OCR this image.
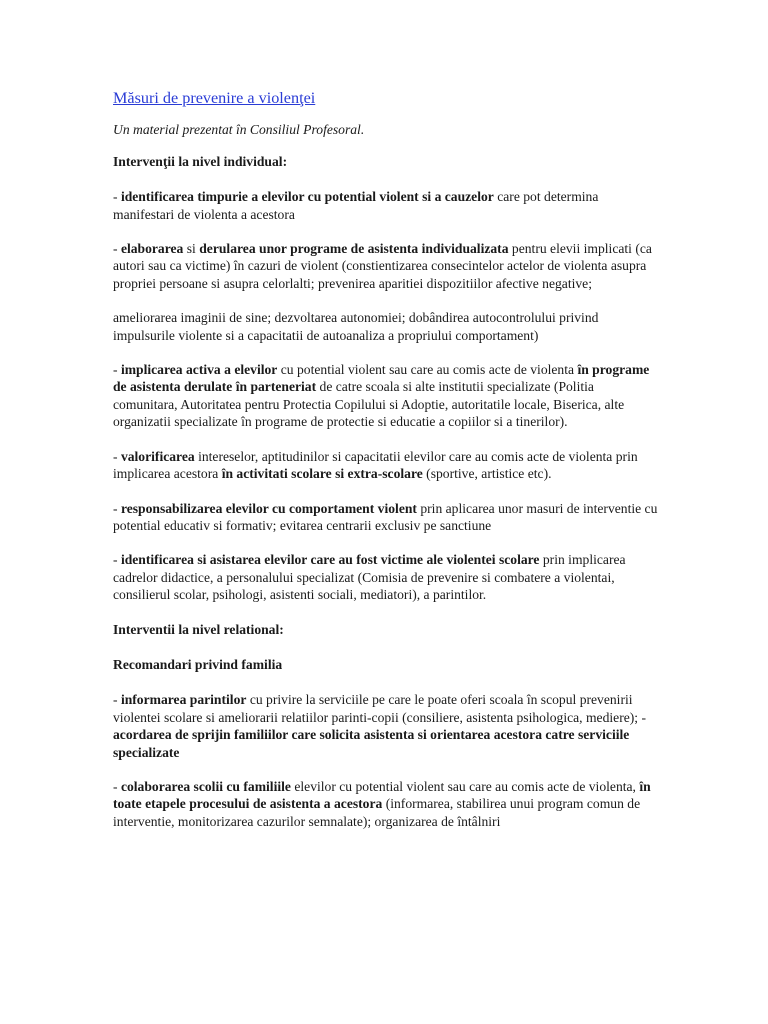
Măsuri de prevenire a violenţei
Un material prezentat în Consiliul Profesoral.
Intervenţii la nivel individual:
- identificarea timpurie a elevilor cu potential violent si a cauzelor care pot determina manifestari de violenta a acestora
- elaborarea si derularea unor programe de asistenta individualizata pentru elevii implicati (ca autori sau ca victime) în cazuri de violent (constientizarea consecintelor actelor de violenta asupra propriei persoane si asupra celorlalti; prevenirea aparitiei dispozitiilor afective negative;
ameliorarea imaginii de sine; dezvoltarea autonomiei; dobândirea autocontrolului privind impulsurile violente si a capacitatii de autoanaliza a propriului comportament)
- implicarea activa a elevilor cu potential violent sau care au comis acte de violenta în programe de asistenta derulate în parteneriat de catre scoala si alte institutii specializate (Politia comunitara, Autoritatea pentru Protectia Copilului si Adoptie, autoritatile locale, Biserica, alte organizatii specializate în programe de protectie si educatie a copiilor si a tinerilor).
- valorificarea intereselor, aptitudinilor si capacitatii elevilor care au comis acte de violenta prin implicarea acestora în activitati scolare si extra-scolare (sportive, artistice etc).
- responsabilizarea elevilor cu comportament violent prin aplicarea unor masuri de interventie cu potential educativ si formativ; evitarea centrarii exclusiv pe sanctiune
- identificarea si asistarea elevilor care au fost victime ale violentei scolare prin implicarea cadrelor didactice, a personalului specializat (Comisia de prevenire si combatere a violentai, consilierul scolar, psihologi, asistenti sociali, mediatori), a parintilor.
Interventii la nivel relational:
Recomandari privind familia
- informarea parintilor cu privire la serviciile pe care le poate oferi scoala în scopul prevenirii violentei scolare si ameliorarii relatiilor parinti-copii (consiliere, asistenta psihologica, mediere); - acordarea de sprijin familiilor care solicita asistenta si orientarea acestora catre serviciile specializate
- colaborarea scolii cu familiile elevilor cu potential violent sau care au comis acte de violenta, în toate etapele procesului de asistenta a acestora (informarea, stabilirea unui program comun de interventie, monitorizarea cazurilor semnalate); organizarea de întâlniri
